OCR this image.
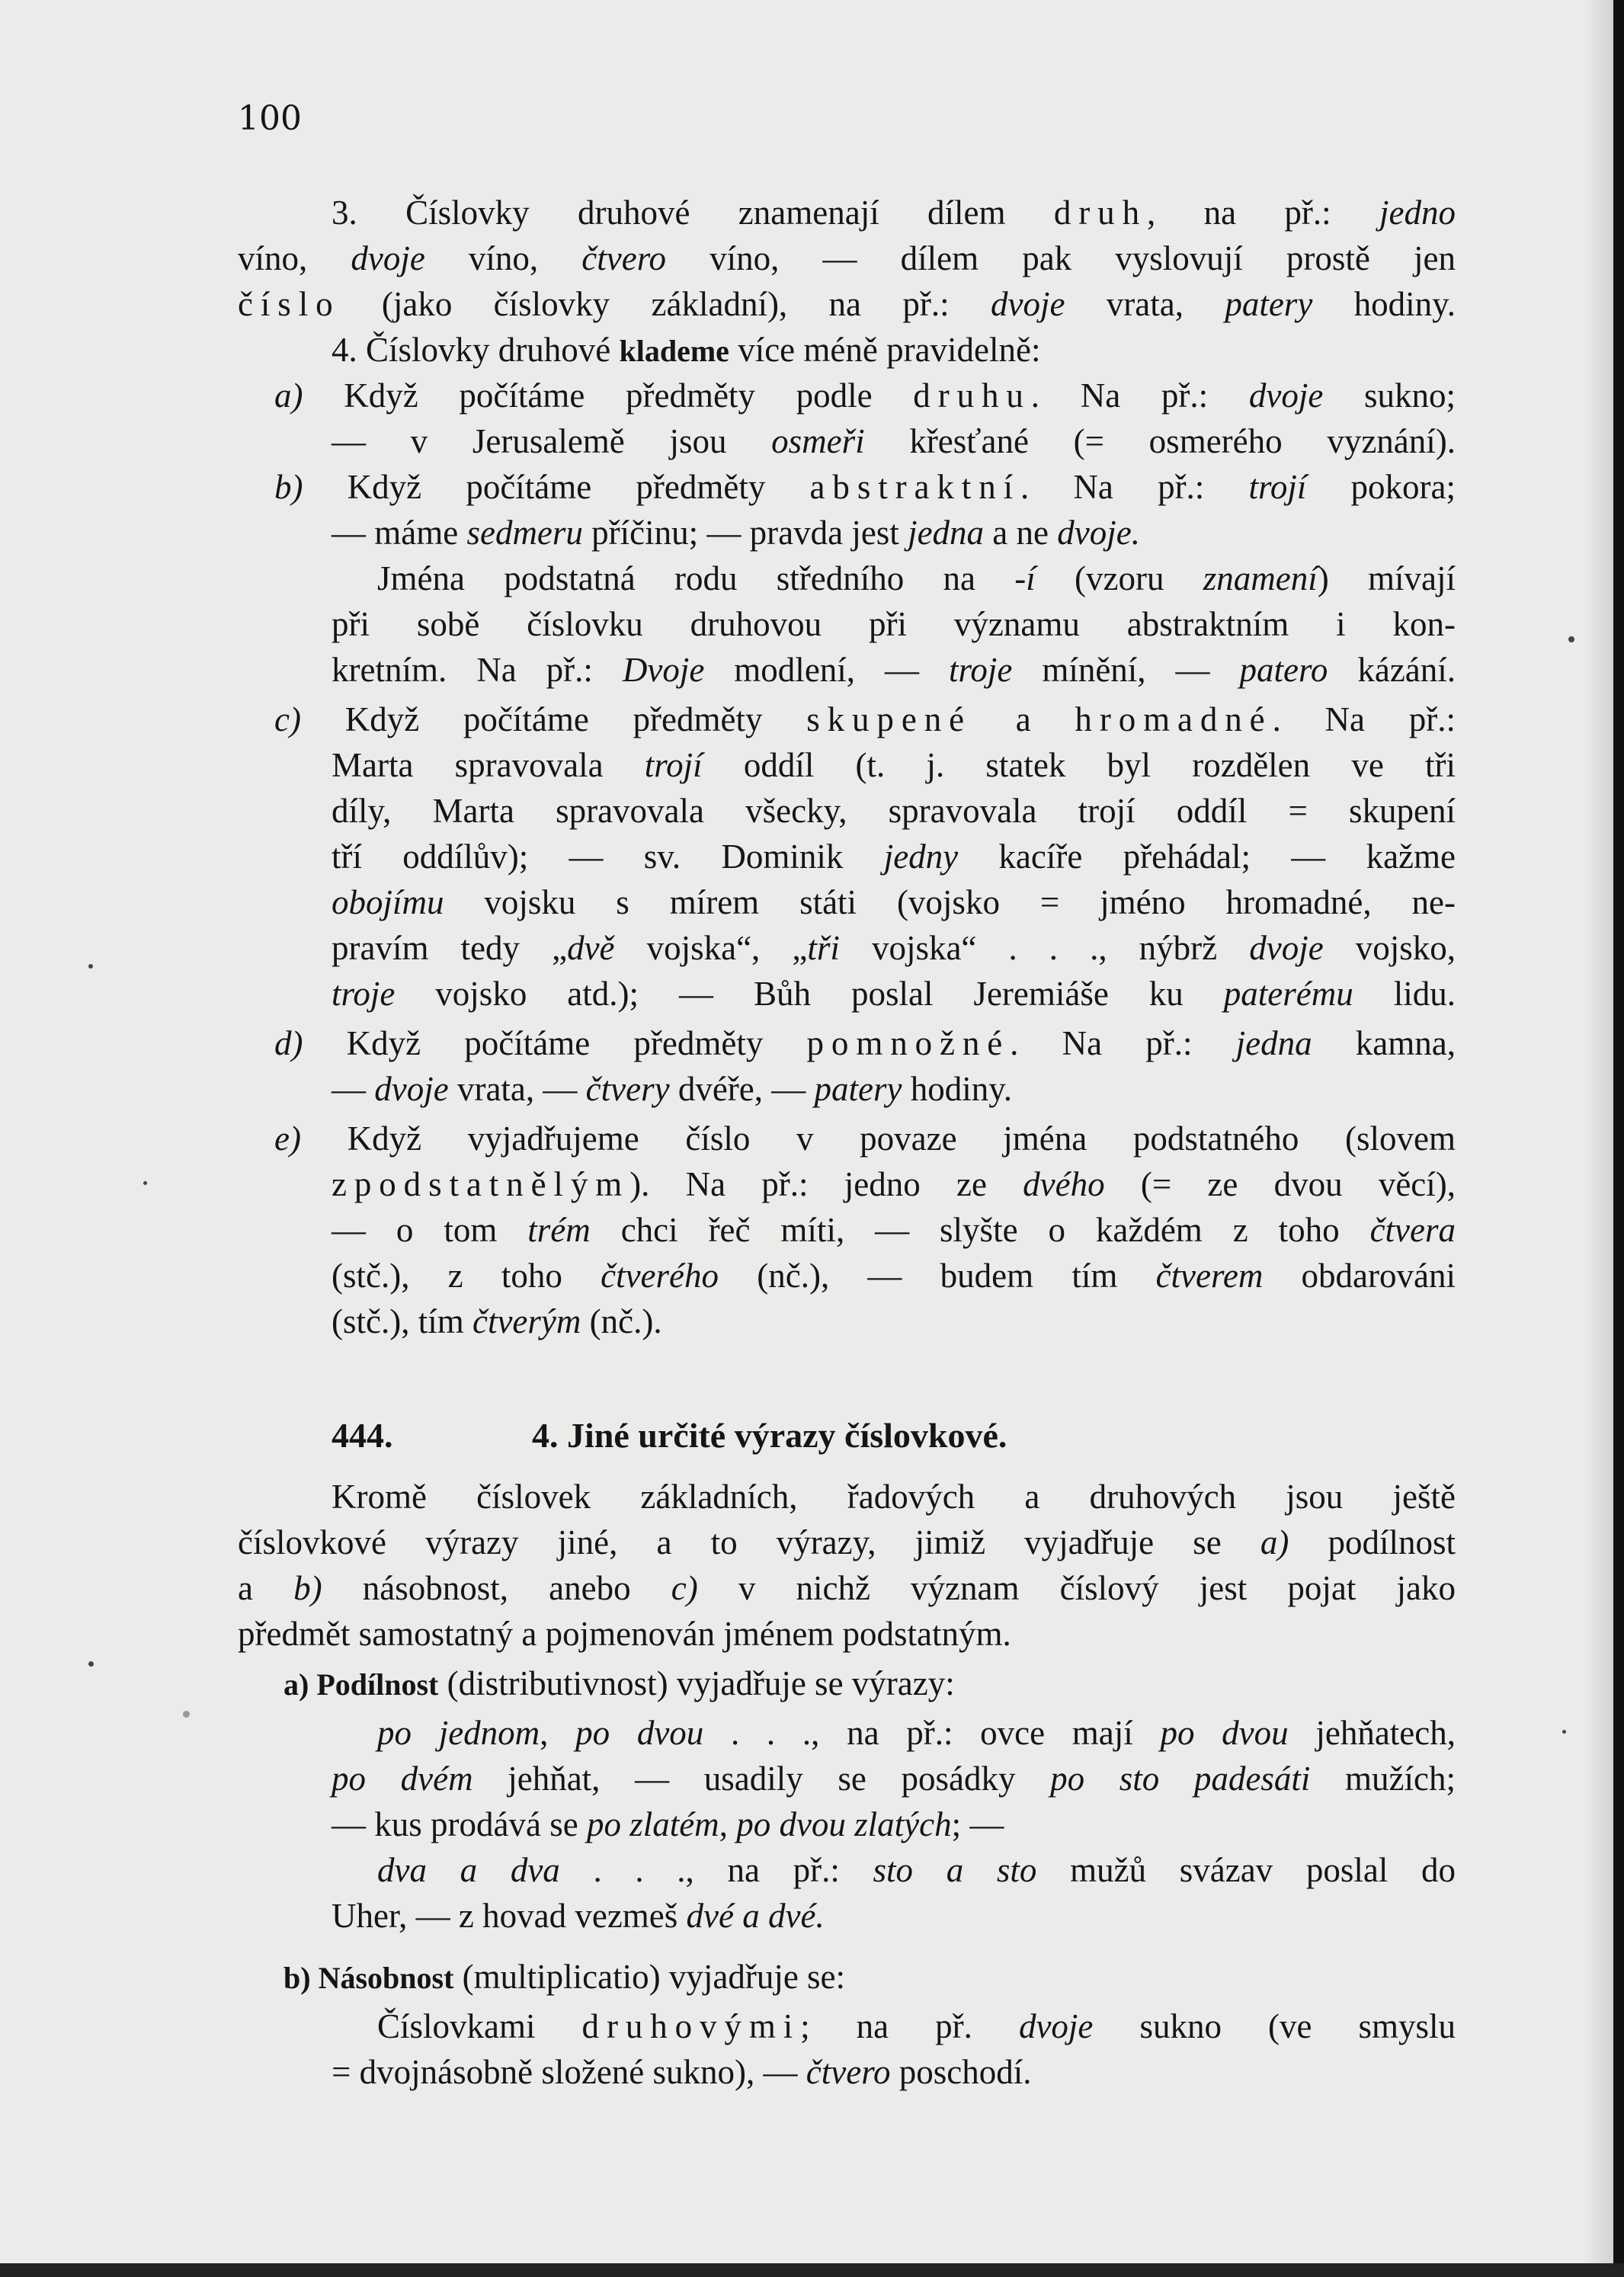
100
3. Číslovky druhové znamenají dílem druh, na př.: jedno
víno, dvoje víno, čtvero víno, — dílem pak vyslovují prostě jen
číslo (jako číslovky základní), na př.: dvoje vrata, patery hodiny.
4. Číslovky druhové klademe více méně pravidelně:
a) Když počítáme předměty podle druhu. Na př.: dvoje sukno;
— v Jerusalemě jsou osmeři křesťané (= osmerého vyznání).
b) Když počítáme předměty abstraktní. Na př.: trojí pokora;
— máme sedmeru příčinu; — pravda jest jedna a ne dvoje.
Jména podstatná rodu středního na -í (vzoru znamení) mívají
při sobě číslovku druhovou při významu abstraktním i kon-
kretním. Na př.: Dvoje modlení, — troje mínění, — patero kázání.
c) Když počítáme předměty skupené a hromadné. Na př.:
Marta spravovala trojí oddíl (t. j. statek byl rozdělen ve tři
díly, Marta spravovala všecky, spravovala trojí oddíl = skupení
tří oddílův); — sv. Dominik jedny kacíře přehádal; — kažme
obojímu vojsku s mírem státi (vojsko = jméno hromadné, ne-
pravím tedy „dvě vojska“, „tři vojska“ . . ., nýbrž dvoje vojsko,
troje vojsko atd.); — Bůh poslal Jeremiáše ku paterému lidu.
d) Když počítáme předměty pomnožné. Na př.: jedna kamna,
— dvoje vrata, — čtvery dvéře, — patery hodiny.
e) Když vyjadřujeme číslo v povaze jména podstatného (slovem
zpodstatnělým). Na př.: jedno ze dvého (= ze dvou věcí),
— o tom trém chci řeč míti, — slyšte o každém z toho čtvera
(stč.), z toho čtverého (nč.), — budem tím čtverem obdarováni
(stč.), tím čtverým (nč.).
444.	4. Jiné určité výrazy číslovkové.
Kromě číslovek základních, řadových a druhových jsou ještě
číslovkové výrazy jiné, a to výrazy, jimiž vyjadřuje se a) podílnost
a b) násobnost, anebo c) v nichž význam číslový jest pojat jako
předmět samostatný a pojmenován jménem podstatným.
a) Podílnost (distributivnost) vyjadřuje se výrazy:
po jednom, po dvou . . ., na př.: ovce mají po dvou jehňatech,
po dvém jehňat, — usadily se posádky po sto padesáti mužích;
— kus prodává se po zlatém, po dvou zlatých; —
dva a dva . . ., na př.: sto a sto mužů svázav poslal do
Uher, — z hovad vezmeš dvé a dvé.
b) Násobnost (multiplicatio) vyjadřuje se:
Číslovkami druhovými; na př. dvoje sukno (ve smyslu
= dvojnásobně složené sukno), — čtvero poschodí.
